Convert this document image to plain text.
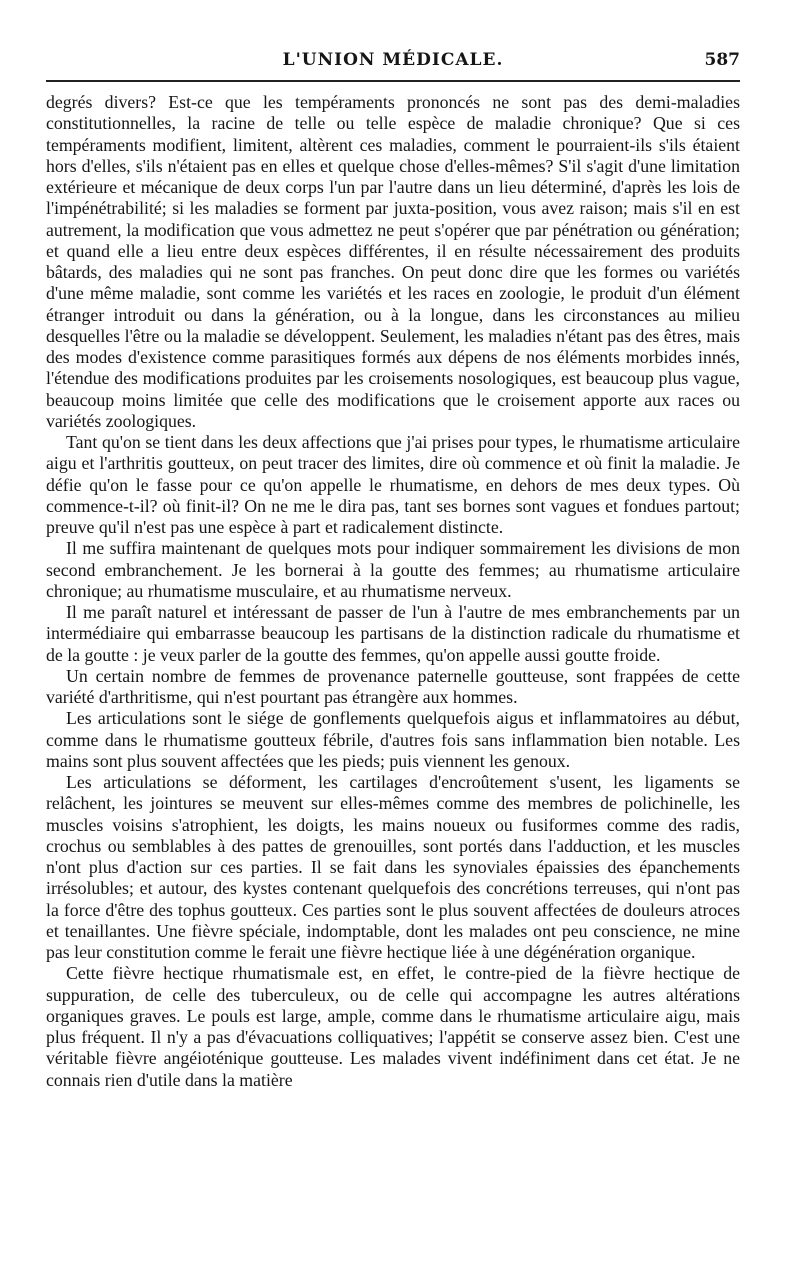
L'UNION MÉDICALE.	587

degrés divers? Est-ce que les tempéraments prononcés ne sont pas des demi-maladies constitutionnelles, la racine de telle ou telle espèce de maladie chronique? Que si ces tempéraments modifient, limitent, altèrent ces maladies, comment le pourraient-ils s'ils étaient hors d'elles, s'ils n'étaient pas en elles et quelque chose d'elles-mêmes? S'il s'agit d'une limitation extérieure et mécanique de deux corps l'un par l'autre dans un lieu déterminé, d'après les lois de l'impénétrabilité; si les maladies se forment par juxta-position, vous avez raison; mais s'il en est autrement, la modification que vous admettez ne peut s'opérer que par pénétration ou génération; et quand elle a lieu entre deux espèces différentes, il en résulte nécessairement des produits bâtards, des maladies qui ne sont pas franches. On peut donc dire que les formes ou variétés d'une même maladie, sont comme les variétés et les races en zoologie, le produit d'un élément étranger introduit ou dans la génération, ou à la longue, dans les circonstances au milieu desquelles l'être ou la maladie se développent. Seulement, les maladies n'étant pas des êtres, mais des modes d'existence comme parasitiques formés aux dépens de nos éléments morbides innés, l'étendue des modifications produites par les croisements nosologiques, est beaucoup plus vague, beaucoup moins limitée que celle des modifications que le croisement apporte aux races ou variétés zoologiques.

Tant qu'on se tient dans les deux affections que j'ai prises pour types, le rhumatisme articulaire aigu et l'arthritis goutteux, on peut tracer des limites, dire où commence et où finit la maladie. Je défie qu'on le fasse pour ce qu'on appelle le rhumatisme, en dehors de mes deux types. Où commence-t-il? où finit-il? On ne me le dira pas, tant ses bornes sont vagues et fondues partout; preuve qu'il n'est pas une espèce à part et radicalement distincte.

Il me suffira maintenant de quelques mots pour indiquer sommairement les divisions de mon second embranchement. Je les bornerai à la goutte des femmes; au rhumatisme articulaire chronique; au rhumatisme musculaire, et au rhumatisme nerveux.

Il me paraît naturel et intéressant de passer de l'un à l'autre de mes embranchements par un intermédiaire qui embarrasse beaucoup les partisans de la distinction radicale du rhumatisme et de la goutte : je veux parler de la goutte des femmes, qu'on appelle aussi goutte froide.

Un certain nombre de femmes de provenance paternelle goutteuse, sont frappées de cette variété d'arthritisme, qui n'est pourtant pas étrangère aux hommes.

Les articulations sont le siége de gonflements quelquefois aigus et inflammatoires au début, comme dans le rhumatisme goutteux fébrile, d'autres fois sans inflammation bien notable. Les mains sont plus souvent affectées que les pieds; puis viennent les genoux.

Les articulations se déforment, les cartilages d'encroûtement s'usent, les ligaments se relâchent, les jointures se meuvent sur elles-mêmes comme des membres de polichinelle, les muscles voisins s'atrophient, les doigts, les mains noueux ou fusiformes comme des radis, crochus ou semblables à des pattes de grenouilles, sont portés dans l'adduction, et les muscles n'ont plus d'action sur ces parties. Il se fait dans les synoviales épaissies des épanchements irrésolubles; et autour, des kystes contenant quelquefois des concrétions terreuses, qui n'ont pas la force d'être des tophus goutteux. Ces parties sont le plus souvent affectées de douleurs atroces et tenaillantes. Une fièvre spéciale, indomptable, dont les malades ont peu conscience, ne mine pas leur constitution comme le ferait une fièvre hectique liée à une dégénération organique.

Cette fièvre hectique rhumatismale est, en effet, le contre-pied de la fièvre hectique de suppuration, de celle des tuberculeux, ou de celle qui accompagne les autres altérations organiques graves. Le pouls est large, ample, comme dans le rhumatisme articulaire aigu, mais plus fréquent. Il n'y a pas d'évacuations colliquatives; l'appétit se conserve assez bien. C'est une véritable fièvre angéioténique goutteuse. Les malades vivent indéfiniment dans cet état. Je ne connais rien d'utile dans la matière
